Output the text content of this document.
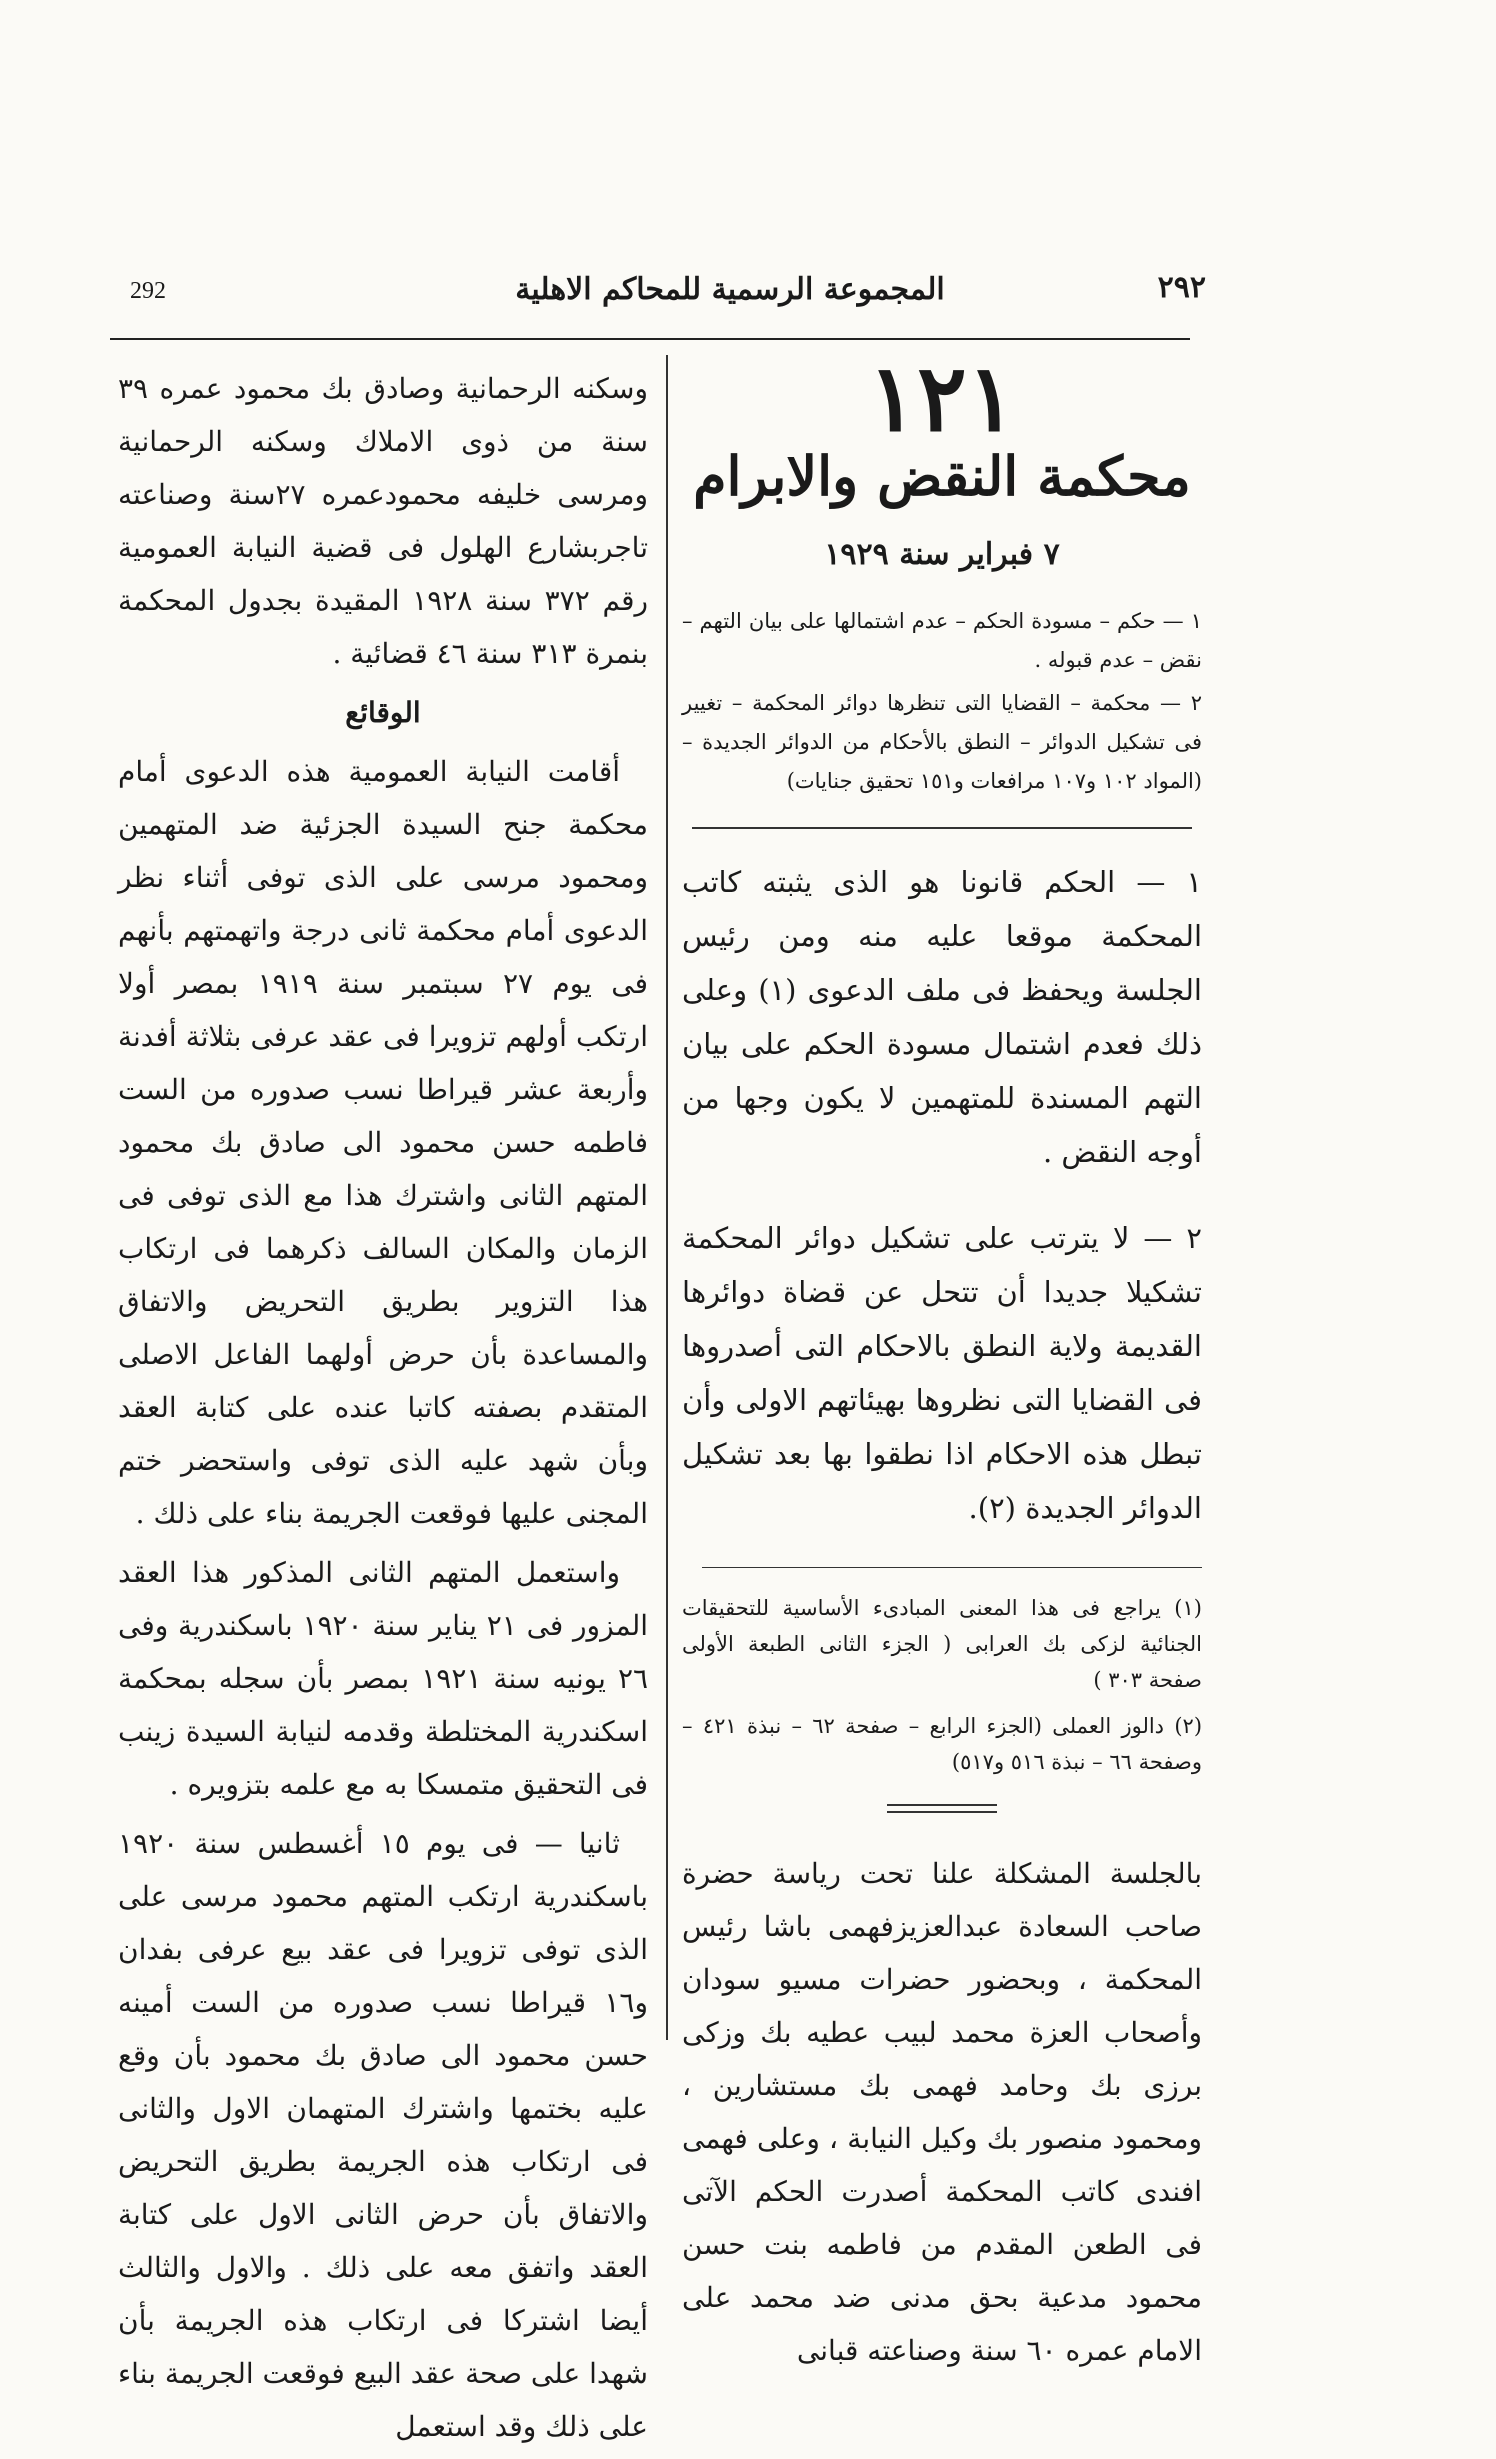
٢٩٢
المجموعة الرسمية للمحاكم الاهلية
292
١٢١
محكمة النقض والابرام
٧ فبراير سنة ١٩٢٩

١ — حكم – مسودة الحكم – عدم اشتمالها على بيان التهم – نقض – عدم قبوله .

٢ — محكمة – القضايا التى تنظرها دوائر المحكمة – تغيير فى تشكيل الدوائر – النطق بالأحكام من الدوائر الجديدة – (المواد ١٠٢ و١٠٧ مرافعات و١٥١ تحقيق جنايات)

١ — الحكم قانونا هو الذى يثبته كاتب المحكمة موقعا عليه منه ومن رئيس الجلسة ويحفظ فى ملف الدعوى (١) وعلى ذلك فعدم اشتمال مسودة الحكم على بيان التهم المسندة للمتهمين لا يكون وجها من أوجه النقض .

٢ — لا يترتب على تشكيل دوائر المحكمة تشكيلا جديدا أن تتحل عن قضاة دوائرها القديمة ولاية النطق بالاحكام التى أصدروها فى القضايا التى نظروها بهيئاتهم الاولى وأن تبطل هذه الاحكام اذا نطقوا بها بعد تشكيل الدوائر الجديدة (٢).

(١) يراجع فى هذا المعنى المبادىء الأساسية للتحقيقات الجنائية لزكى بك العرابى ( الجزء الثانى الطبعة الأولى صفحة ٣٠٣ )

(٢) دالوز العملى (الجزء الرابع – صفحة ٦٢ – نبذة ٤٢١ – وصفحة ٦٦ – نبذة ٥١٦ و٥١٧)

بالجلسة المشكلة علنا تحت رياسة حضرة صاحب السعادة عبدالعزيزفهمى باشا رئيس المحكمة ، وبحضور حضرات مسيو سودان وأصحاب العزة محمد لبيب عطيه بك وزكى برزى بك وحامد فهمى بك مستشارين ، ومحمود منصور بك وكيل النيابة ، وعلى فهمى افندى كاتب المحكمة أصدرت الحكم الآتى فى الطعن المقدم من فاطمه بنت حسن محمود مدعية بحق مدنى ضد محمد على الامام عمره ٦٠ سنة وصناعته قبانى

وسكنه الرحمانية وصادق بك محمود عمره ٣٩ سنة من ذوى الاملاك وسكنه الرحمانية ومرسى خليفه محمودعمره ٢٧سنة وصناعته تاجربشارع الهلول فى قضية النيابة العمومية رقم ٣٧٢ سنة ١٩٢٨ المقيدة بجدول المحكمة بنمرة ٣١٣ سنة ٤٦ قضائية .

الوقائع

أقامت النيابة العمومية هذه الدعوى أمام محكمة جنح السيدة الجزئية ضد المتهمين ومحمود مرسى على الذى توفى أثناء نظر الدعوى أمام محكمة ثانى درجة واتهمتهم بأنهم فى يوم ٢٧ سبتمبر سنة ١٩١٩ بمصر أولا ارتكب أولهم تزويرا فى عقد عرفى بثلاثة أفدنة وأربعة عشر قيراطا نسب صدوره من الست فاطمه حسن محمود الى صادق بك محمود المتهم الثانى واشترك هذا مع الذى توفى فى الزمان والمكان السالف ذكرهما فى ارتكاب هذا التزوير بطريق التحريض والاتفاق والمساعدة بأن حرض أولهما الفاعل الاصلى المتقدم بصفته كاتبا عنده على كتابة العقد وبأن شهد عليه الذى توفى واستحضر ختم المجنى عليها فوقعت الجريمة بناء على ذلك .

واستعمل المتهم الثانى المذكور هذا العقد المزور فى ٢١ يناير سنة ١٩٢٠ باسكندرية وفى ٢٦ يونيه سنة ١٩٢١ بمصر بأن سجله بمحكمة اسكندرية المختلطة وقدمه لنيابة السيدة زينب فى التحقيق متمسكا به مع علمه بتزويره .

ثانيا — فى يوم ١٥ أغسطس سنة ١٩٢٠ باسكندرية ارتكب المتهم محمود مرسى على الذى توفى تزويرا فى عقد بيع عرفى بفدان و١٦ قيراطا نسب صدوره من الست أمينه حسن محمود الى صادق بك محمود بأن وقع عليه بختمها واشترك المتهمان الاول والثانى فى ارتكاب هذه الجريمة بطريق التحريض والاتفاق بأن حرض الثانى الاول على كتابة العقد واتفق معه على ذلك . والاول والثالث أيضا اشتركا فى ارتكاب هذه الجريمة بأن شهدا على صحة عقد البيع فوقعت الجريمة بناء على ذلك وقد استعمل
